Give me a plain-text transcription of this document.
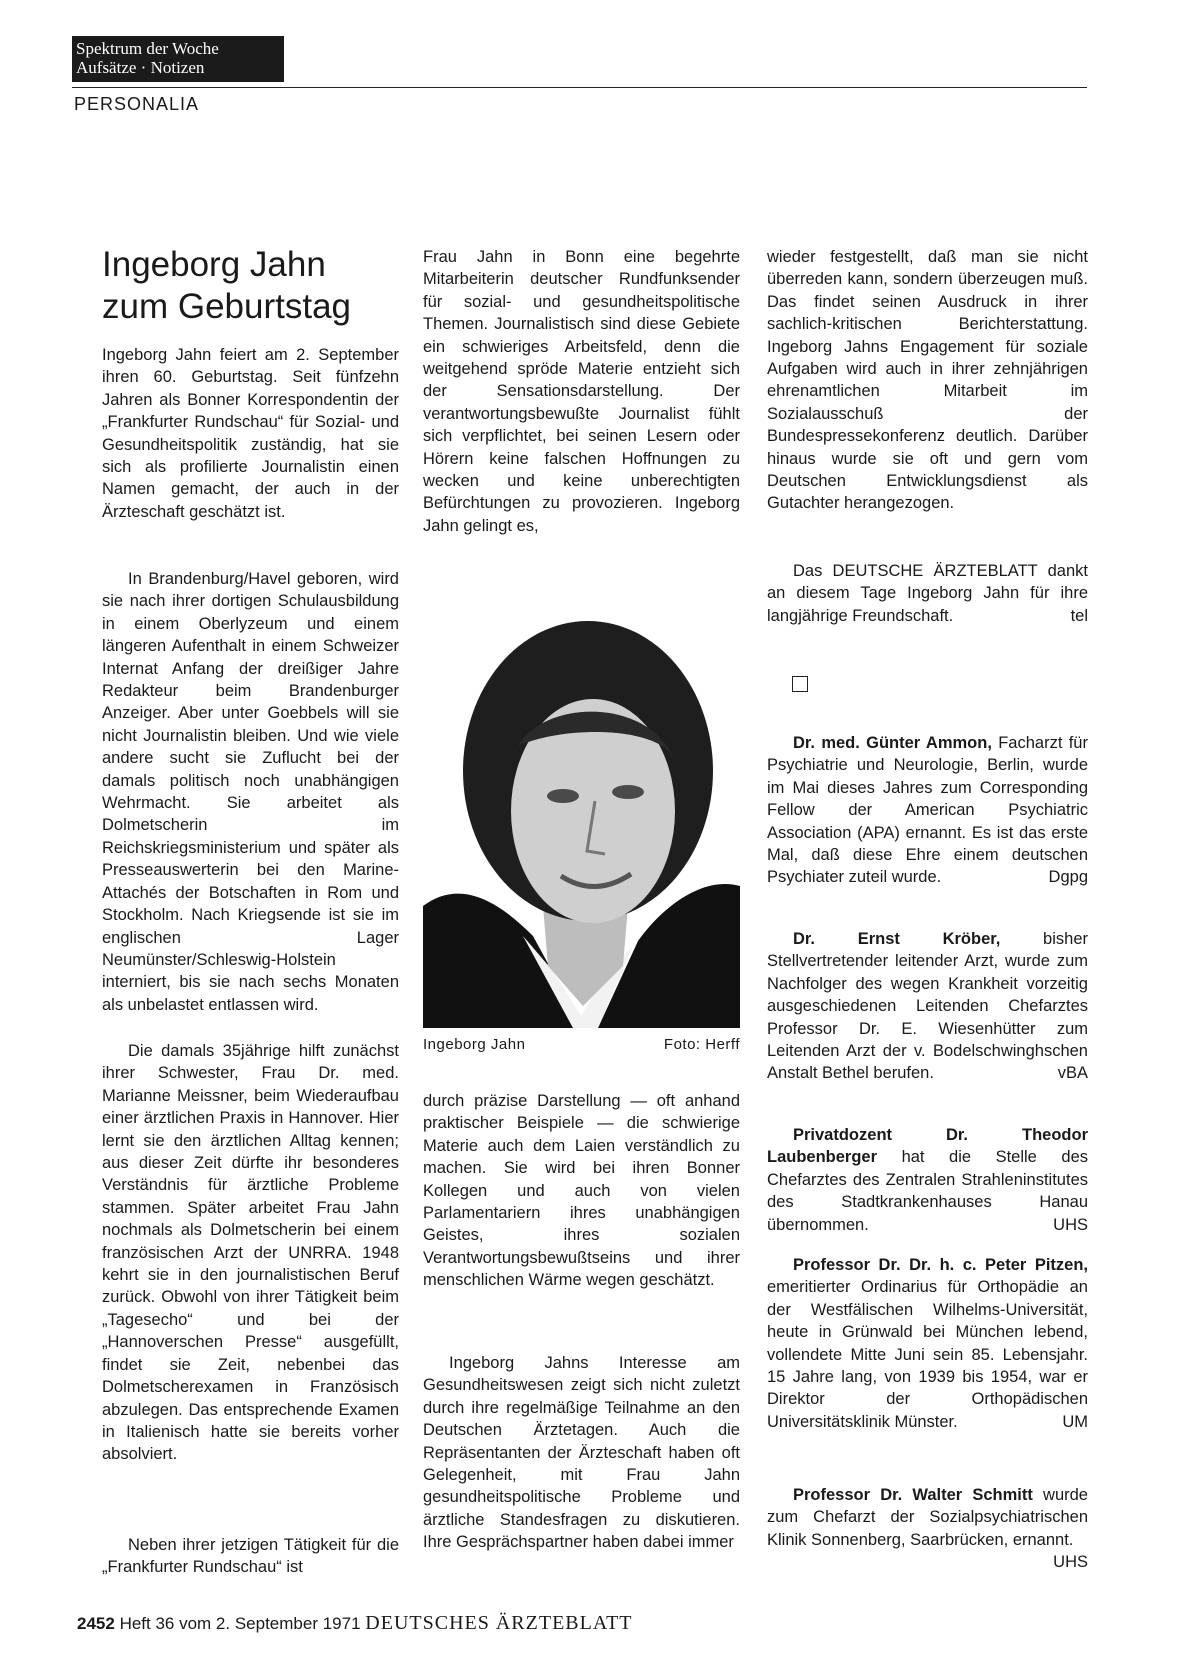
Spektrum der Woche
Aufsätze · Notizen
PERSONALIA
Ingeborg Jahn
zum Geburtstag

Ingeborg Jahn feiert am 2. September ihren 60. Geburtstag. Seit fünfzehn Jahren als Bonner Korrespondentin der „Frankfurter Rundschau“ für Sozial- und Gesundheitspolitik zuständig, hat sie sich als profilierte Journalistin einen Namen gemacht, der auch in der Ärzteschaft geschätzt ist.

In Brandenburg/Havel geboren, wird sie nach ihrer dortigen Schulausbildung in einem Oberlyzeum und einem längeren Aufenthalt in einem Schweizer Internat Anfang der dreißiger Jahre Redakteur beim Brandenburger Anzeiger. Aber unter Goebbels will sie nicht Journalistin bleiben. Und wie viele andere sucht sie Zuflucht bei der damals politisch noch unabhängigen Wehrmacht. Sie arbeitet als Dolmetscherin im Reichskriegsministerium und später als Presseauswerterin bei den Marine-Attachés der Botschaften in Rom und Stockholm. Nach Kriegsende ist sie im englischen Lager Neumünster/Schleswig-Holstein interniert, bis sie nach sechs Monaten als unbelastet entlassen wird.

Die damals 35jährige hilft zunächst ihrer Schwester, Frau Dr. med. Marianne Meissner, beim Wiederaufbau einer ärztlichen Praxis in Hannover. Hier lernt sie den ärztlichen Alltag kennen; aus dieser Zeit dürfte ihr besonderes Verständnis für ärztliche Probleme stammen. Später arbeitet Frau Jahn nochmals als Dolmetscherin bei einem französischen Arzt der UNRRA. 1948 kehrt sie in den journalistischen Beruf zurück. Obwohl von ihrer Tätigkeit beim „Tagesecho“ und bei der „Hannoverschen Presse“ ausgefüllt, findet sie Zeit, nebenbei das Dolmetscherexamen in Französisch abzulegen. Das entsprechende Examen in Italienisch hatte sie bereits vorher absolviert.

Neben ihrer jetzigen Tätigkeit für die „Frankfurter Rundschau“ ist

Frau Jahn in Bonn eine begehrte Mitarbeiterin deutscher Rundfunksender für sozial- und gesundheitspolitische Themen. Journalistisch sind diese Gebiete ein schwieriges Arbeitsfeld, denn die weitgehend spröde Materie entzieht sich der Sensationsdarstellung. Der verantwortungsbewußte Journalist fühlt sich verpflichtet, bei seinen Lesern oder Hörern keine falschen Hoffnungen zu wecken und keine unberechtigten Befürchtungen zu provozieren. Ingeborg Jahn gelingt es,

Ingeborg Jahn	Foto: Herff

durch präzise Darstellung — oft anhand praktischer Beispiele — die schwierige Materie auch dem Laien verständlich zu machen. Sie wird bei ihren Bonner Kollegen und auch von vielen Parlamentariern ihres unabhängigen Geistes, ihres sozialen Verantwortungsbewußtseins und ihrer menschlichen Wärme wegen geschätzt.

Ingeborg Jahns Interesse am Gesundheitswesen zeigt sich nicht zuletzt durch ihre regelmäßige Teilnahme an den Deutschen Ärztetagen. Auch die Repräsentanten der Ärzteschaft haben oft Gelegenheit, mit Frau Jahn gesundheitspolitische Probleme und ärztliche Standesfragen zu diskutieren. Ihre Gesprächspartner haben dabei immer

wieder festgestellt, daß man sie nicht überreden kann, sondern überzeugen muß. Das findet seinen Ausdruck in ihrer sachlich-kritischen Berichterstattung. Ingeborg Jahns Engagement für soziale Aufgaben wird auch in ihrer zehnjährigen ehrenamtlichen Mitarbeit im Sozialausschuß der Bundespressekonferenz deutlich. Darüber hinaus wurde sie oft und gern vom Deutschen Entwicklungsdienst als Gutachter herangezogen.

Das DEUTSCHE ÄRZTEBLATT dankt an diesem Tage Ingeborg Jahn für ihre langjährige Freundschaft.	tel

Dr. med. Günter Ammon, Facharzt für Psychiatrie und Neurologie, Berlin, wurde im Mai dieses Jahres zum Corresponding Fellow der American Psychiatric Association (APA) ernannt. Es ist das erste Mal, daß diese Ehre einem deutschen Psychiater zuteil wurde.	Dgpg

Dr. Ernst Kröber, bisher Stellvertretender leitender Arzt, wurde zum Nachfolger des wegen Krankheit vorzeitig ausgeschiedenen Leitenden Chefarztes Professor Dr. E. Wiesenhütter zum Leitenden Arzt der v. Bodelschwinghschen Anstalt Bethel berufen.	vBA

Privatdozent Dr. Theodor Laubenberger hat die Stelle des Chefarztes des Zentralen Strahleninstitutes des Stadtkrankenhauses Hanau übernommen.	UHS

Professor Dr. Dr. h. c. Peter Pitzen, emeritierter Ordinarius für Orthopädie an der Westfälischen Wilhelms-Universität, heute in Grünwald bei München lebend, vollendete Mitte Juni sein 85. Lebensjahr. 15 Jahre lang, von 1939 bis 1954, war er Direktor der Orthopädischen Universitätsklinik Münster.	UM

Professor Dr. Walter Schmitt wurde zum Chefarzt der Sozialpsychiatrischen Klinik Sonnenberg, Saarbrücken, ernannt.
UHS

2452 Heft 36 vom 2. September 1971 DEUTSCHES ÄRZTEBLATT
